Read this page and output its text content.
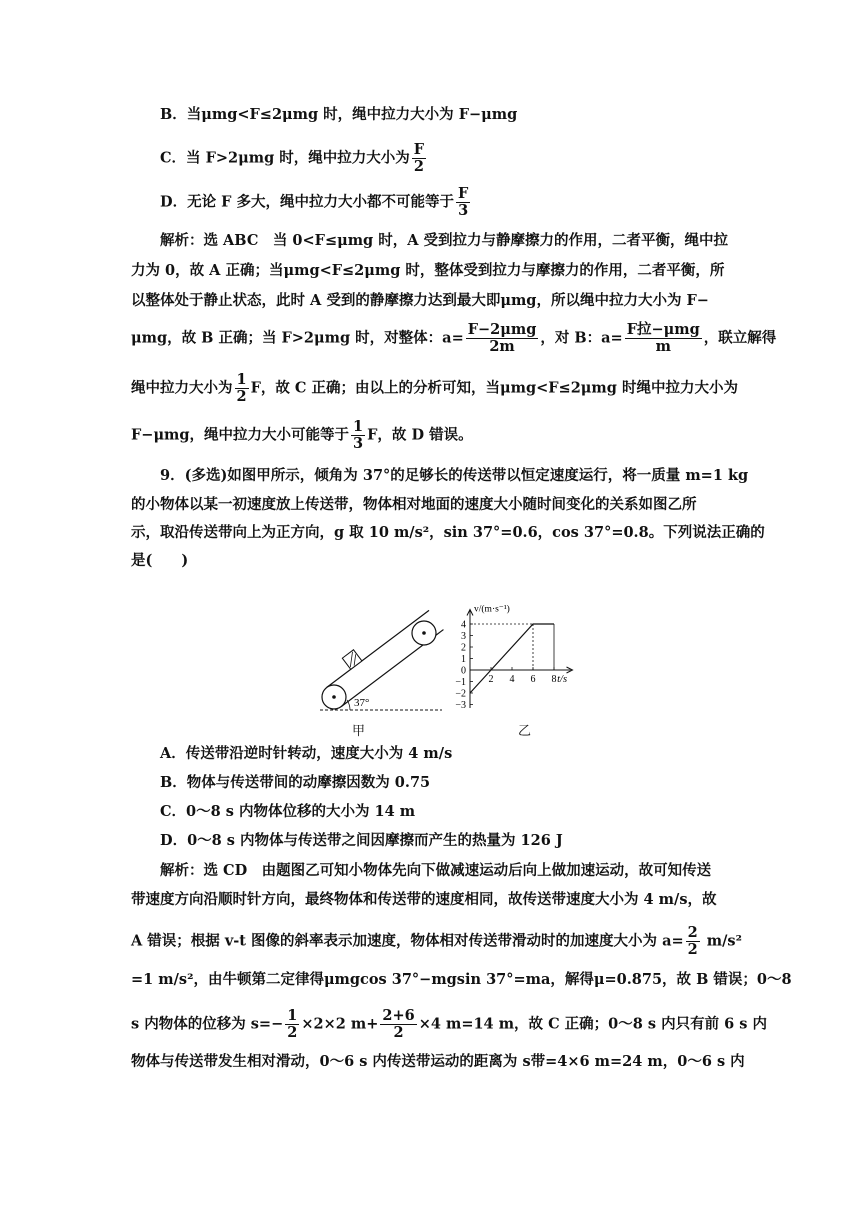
B．当μmg<F≤2μmg 时，绳中拉力大小为 F−μmg
C．当 F>2μmg 时，绳中拉力大小为 $\frac{F}{2}$
D．无论 F 多大，绳中拉力大小都不可能等于 $\frac{F}{3}$
解析：选 ABC　当 0<F≤μmg 时，A 受到拉力与静摩擦力的作用，二者平衡，绳中拉
力为 0，故 A 正确；当μmg<F≤2μmg 时，整体受到拉力与摩擦力的作用，二者平衡，所
以整体处于静止状态，此时 A 受到的静摩擦力达到最大即μmg，所以绳中拉力大小为 F−
μmg，故 B 正确；当 F>2μmg 时，对整体：$a= \frac{\text{F−2μmg}}{2m}$ ，对 B：$a= \frac{\text{F拉−μmg}}{m}$ ，联立解得
绳中拉力大小为 $\frac{1}{2}$ F，故 C 正确；由以上的分析可知，当μmg<F≤2μmg 时绳中拉力大小为
F−μmg，绳中拉力大小可能等于 $\frac{1}{3}$ F，故 D 错误。
9．(多选)如图甲所示，倾角为 37°的足够长的传送带以恒定速度运行，将一质量 m=1 kg
的小物体以某一初速度放上传送带，物体相对地面的速度大小随时间变化的关系如图乙所
示，取沿传送带向上为正方向，g 取 10 m/s²，sin 37°=0.6，cos 37°=0.8。下列说法正确的
是(　　)
37°
甲
v/(m·s⁻¹)
t/s
4
3
2
1
0
−1
−2
−3
2 4 6 8
乙
A．传送带沿逆时针转动，速度大小为 4 m/s
B．物体与传送带间的动摩擦因数为 0.75
C．0～8 s 内物体位移的大小为 14 m
D．0～8 s 内物体与传送带之间因摩擦而产生的热量为 126 J
解析：选 CD　由题图乙可知小物体先向下做减速运动后向上做加速运动，故可知传送
带速度方向沿顺时针方向，最终物体和传送带的速度相同，故传送带速度大小为 4 m/s，故
A 错误；根据 v-t 图像的斜率表示加速度，物体相对传送带滑动时的加速度大小为 $a= \frac{2}{2} m/s^2$
=1 m/s²，由牛顿第二定律得μmgcos 37°−mgsin 37°=ma，解得μ=0.875，故 B 错误；0～8
s 内物体的位移为 $s=- \frac{1}{2} \times 2\times 2$ $m+ \frac{2+6}{2} \times 4$ m=14 m，故 C 正确；0～8 s 内只有前 6 s 内
物体与传送带发生相对滑动，0～6 s 内传送带运动的距离为 s带=4×6 m=24 m，0～6 s 内
